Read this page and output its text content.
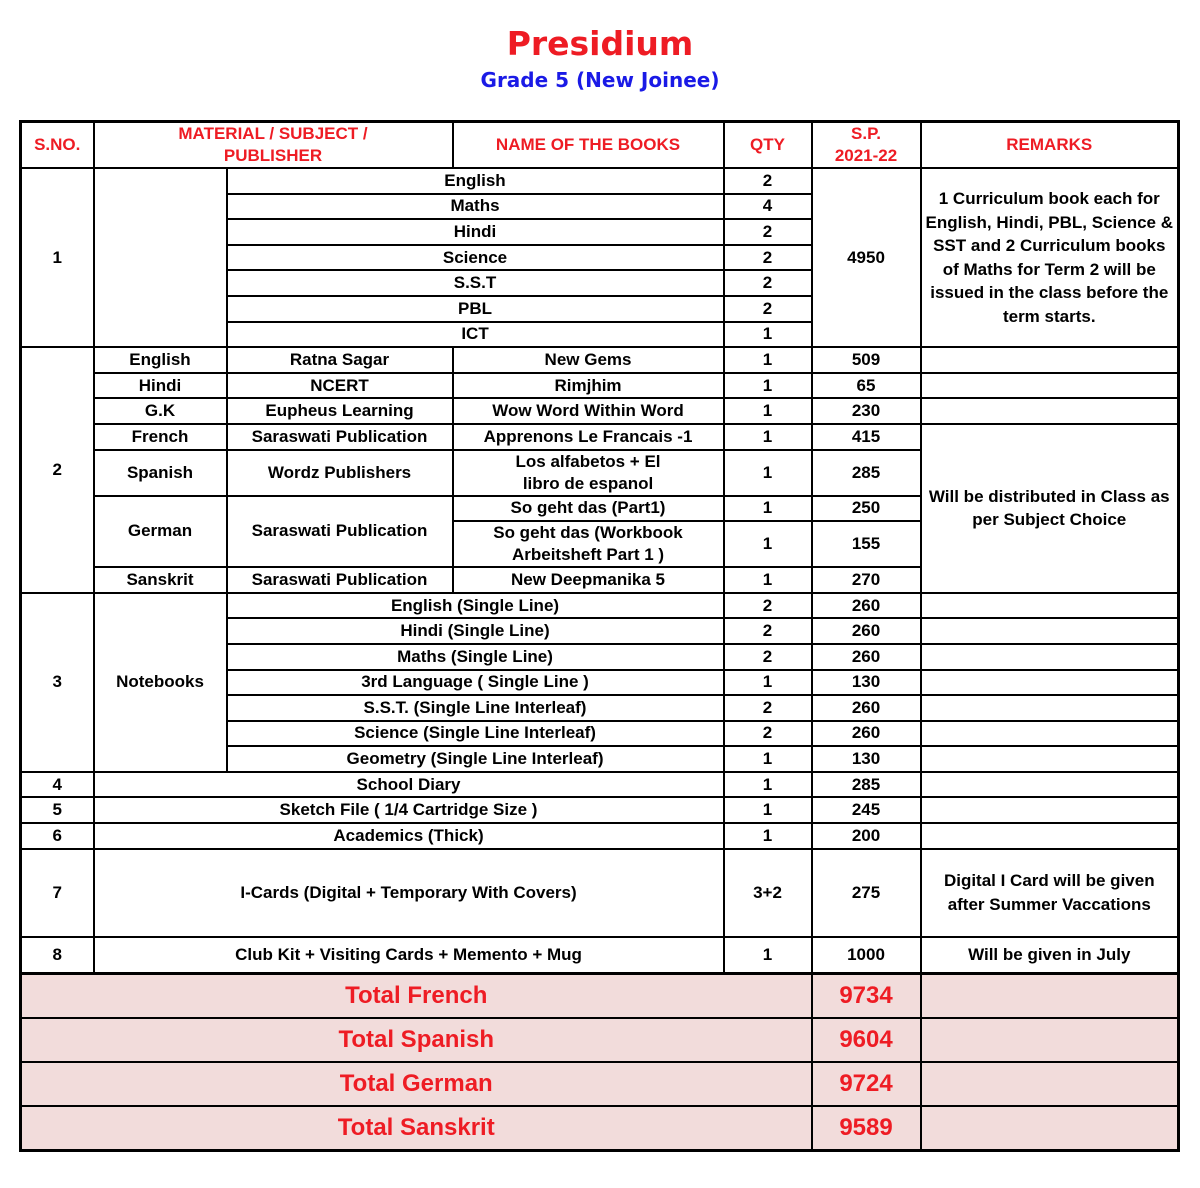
Presidium
Grade 5 (New Joinee)
S.NO.	MATERIAL / SUBJECT / PUBLISHER		NAME OF THE BOOKS	QTY	S.P. 2021-22	REMARKS
1		English		2	4950	1 Curriculum book each for English, Hindi, PBL, Science & SST and 2 Curriculum books of Maths for Term 2 will be issued in the class before the term starts.
		Maths		4		
		Hindi		2		
		Science		2		
		S.S.T		2		
		PBL		2		
		ICT		1		
2	English	Ratna Sagar	New Gems	1	509	
	Hindi	NCERT	Rimjhim	1	65	
	G.K	Eupheus Learning	Wow Word Within Word	1	230	
	French	Saraswati Publication	Apprenons Le Francais -1	1	415	Will be distributed in Class as per Subject Choice
	Spanish	Wordz Publishers	Los alfabetos + El libro de espanol	1	285	
	German	Saraswati Publication	So geht das (Part1)	1	250	
			So geht das (Workbook Arbeitsheft Part 1 )	1	155	
	Sanskrit	Saraswati Publication	New Deepmanika 5	1	270	
3	Notebooks	English (Single Line)		2	260	
		Hindi (Single Line)		2	260	
		Maths (Single Line)		2	260	
		3rd Language ( Single Line )		1	130	
		S.S.T. (Single Line Interleaf)		2	260	
		Science (Single Line Interleaf)		2	260	
		Geometry (Single Line Interleaf)		1	130	
4	School Diary			1	285	
5	Sketch File ( 1/4 Cartridge Size )			1	245	
6	Academics (Thick)			1	200	
7	I-Cards (Digital + Temporary With Covers)			3+2	275	Digital I Card will be given after Summer Vaccations
8	Club Kit + Visiting Cards + Memento + Mug			1	1000	Will be given in July
Total French					9734	
Total Spanish					9604	
Total German					9724	
Total Sanskrit					9589	
